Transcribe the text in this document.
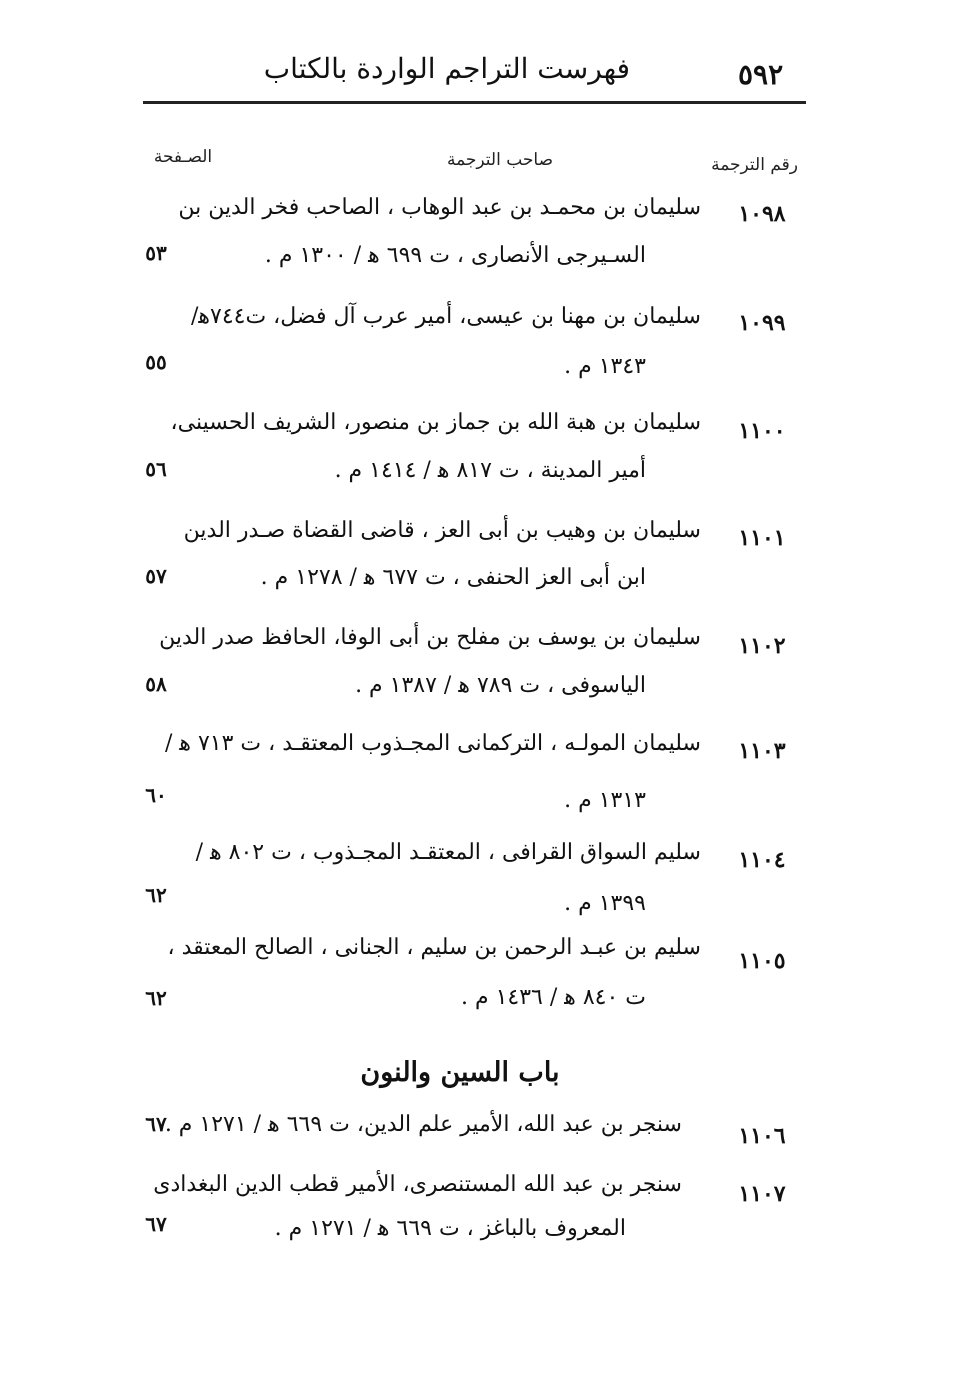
٥٩٢
فهرست التراجم الواردة بالكتاب
رقم الترجمة
صاحب الترجمة
الصـفحة
١٠٩٨
سليمان بن محمـد بن عبد الوهاب ، الصاحب فخر الدين بن
السـيرجى الأنصارى ، ت ٦٩٩ ﻫ / ١٣٠٠ م .
٥٣
١٠٩٩
سليمان بن مهنا بن عيسى، أمير عرب آل فضل، ت٧٤٤ﻫ/
١٣٤٣ م .
٥٥
١١٠٠
سليمان بن هبة الله بن جماز بن منصور، الشريف الحسينى،
أمير المدينة ، ت ٨١٧ ﻫ / ١٤١٤ م .
٥٦
١١٠١
سليمان بن وهيب بن أبى العز ، قاضى القضاة صـدر الدين
ابن أبى العز الحنفى ، ت ٦٧٧ ﻫ / ١٢٧٨ م .
٥٧
١١٠٢
سليمان بن يوسف بن مفلح بن أبى الوفا، الحافظ صدر الدين
الياسوفى ، ت ٧٨٩ ﻫ / ١٣٨٧ م .
٥٨
١١٠٣
سليمان المولـه ، التركمانى المجـذوب المعتقـد ، ت ٧١٣ ﻫ /
١٣١٣ م .
٦٠
١١٠٤
سليم السواق القرافى ، المعتقـد المجـذوب ، ت ٨٠٢ ﻫ /
١٣٩٩ م .
٦٢
١١٠٥
سليم بن عبـد الرحمن بن سليم ، الجنانى ، الصالح المعتقد ،
ت ٨٤٠ ﻫ / ١٤٣٦ م .
٦٢
باب السين والنون
١١٠٦
سنجر بن عبد الله، الأمير علم الدين، ت ٦٦٩ ﻫ / ١٢٧١ م .
٦٧
١١٠٧
سنجر بن عبد الله المستنصرى، الأمير قطب الدين البغدادى
المعروف بالباغز ، ت ٦٦٩ ﻫ / ١٢٧١ م .
٦٧
